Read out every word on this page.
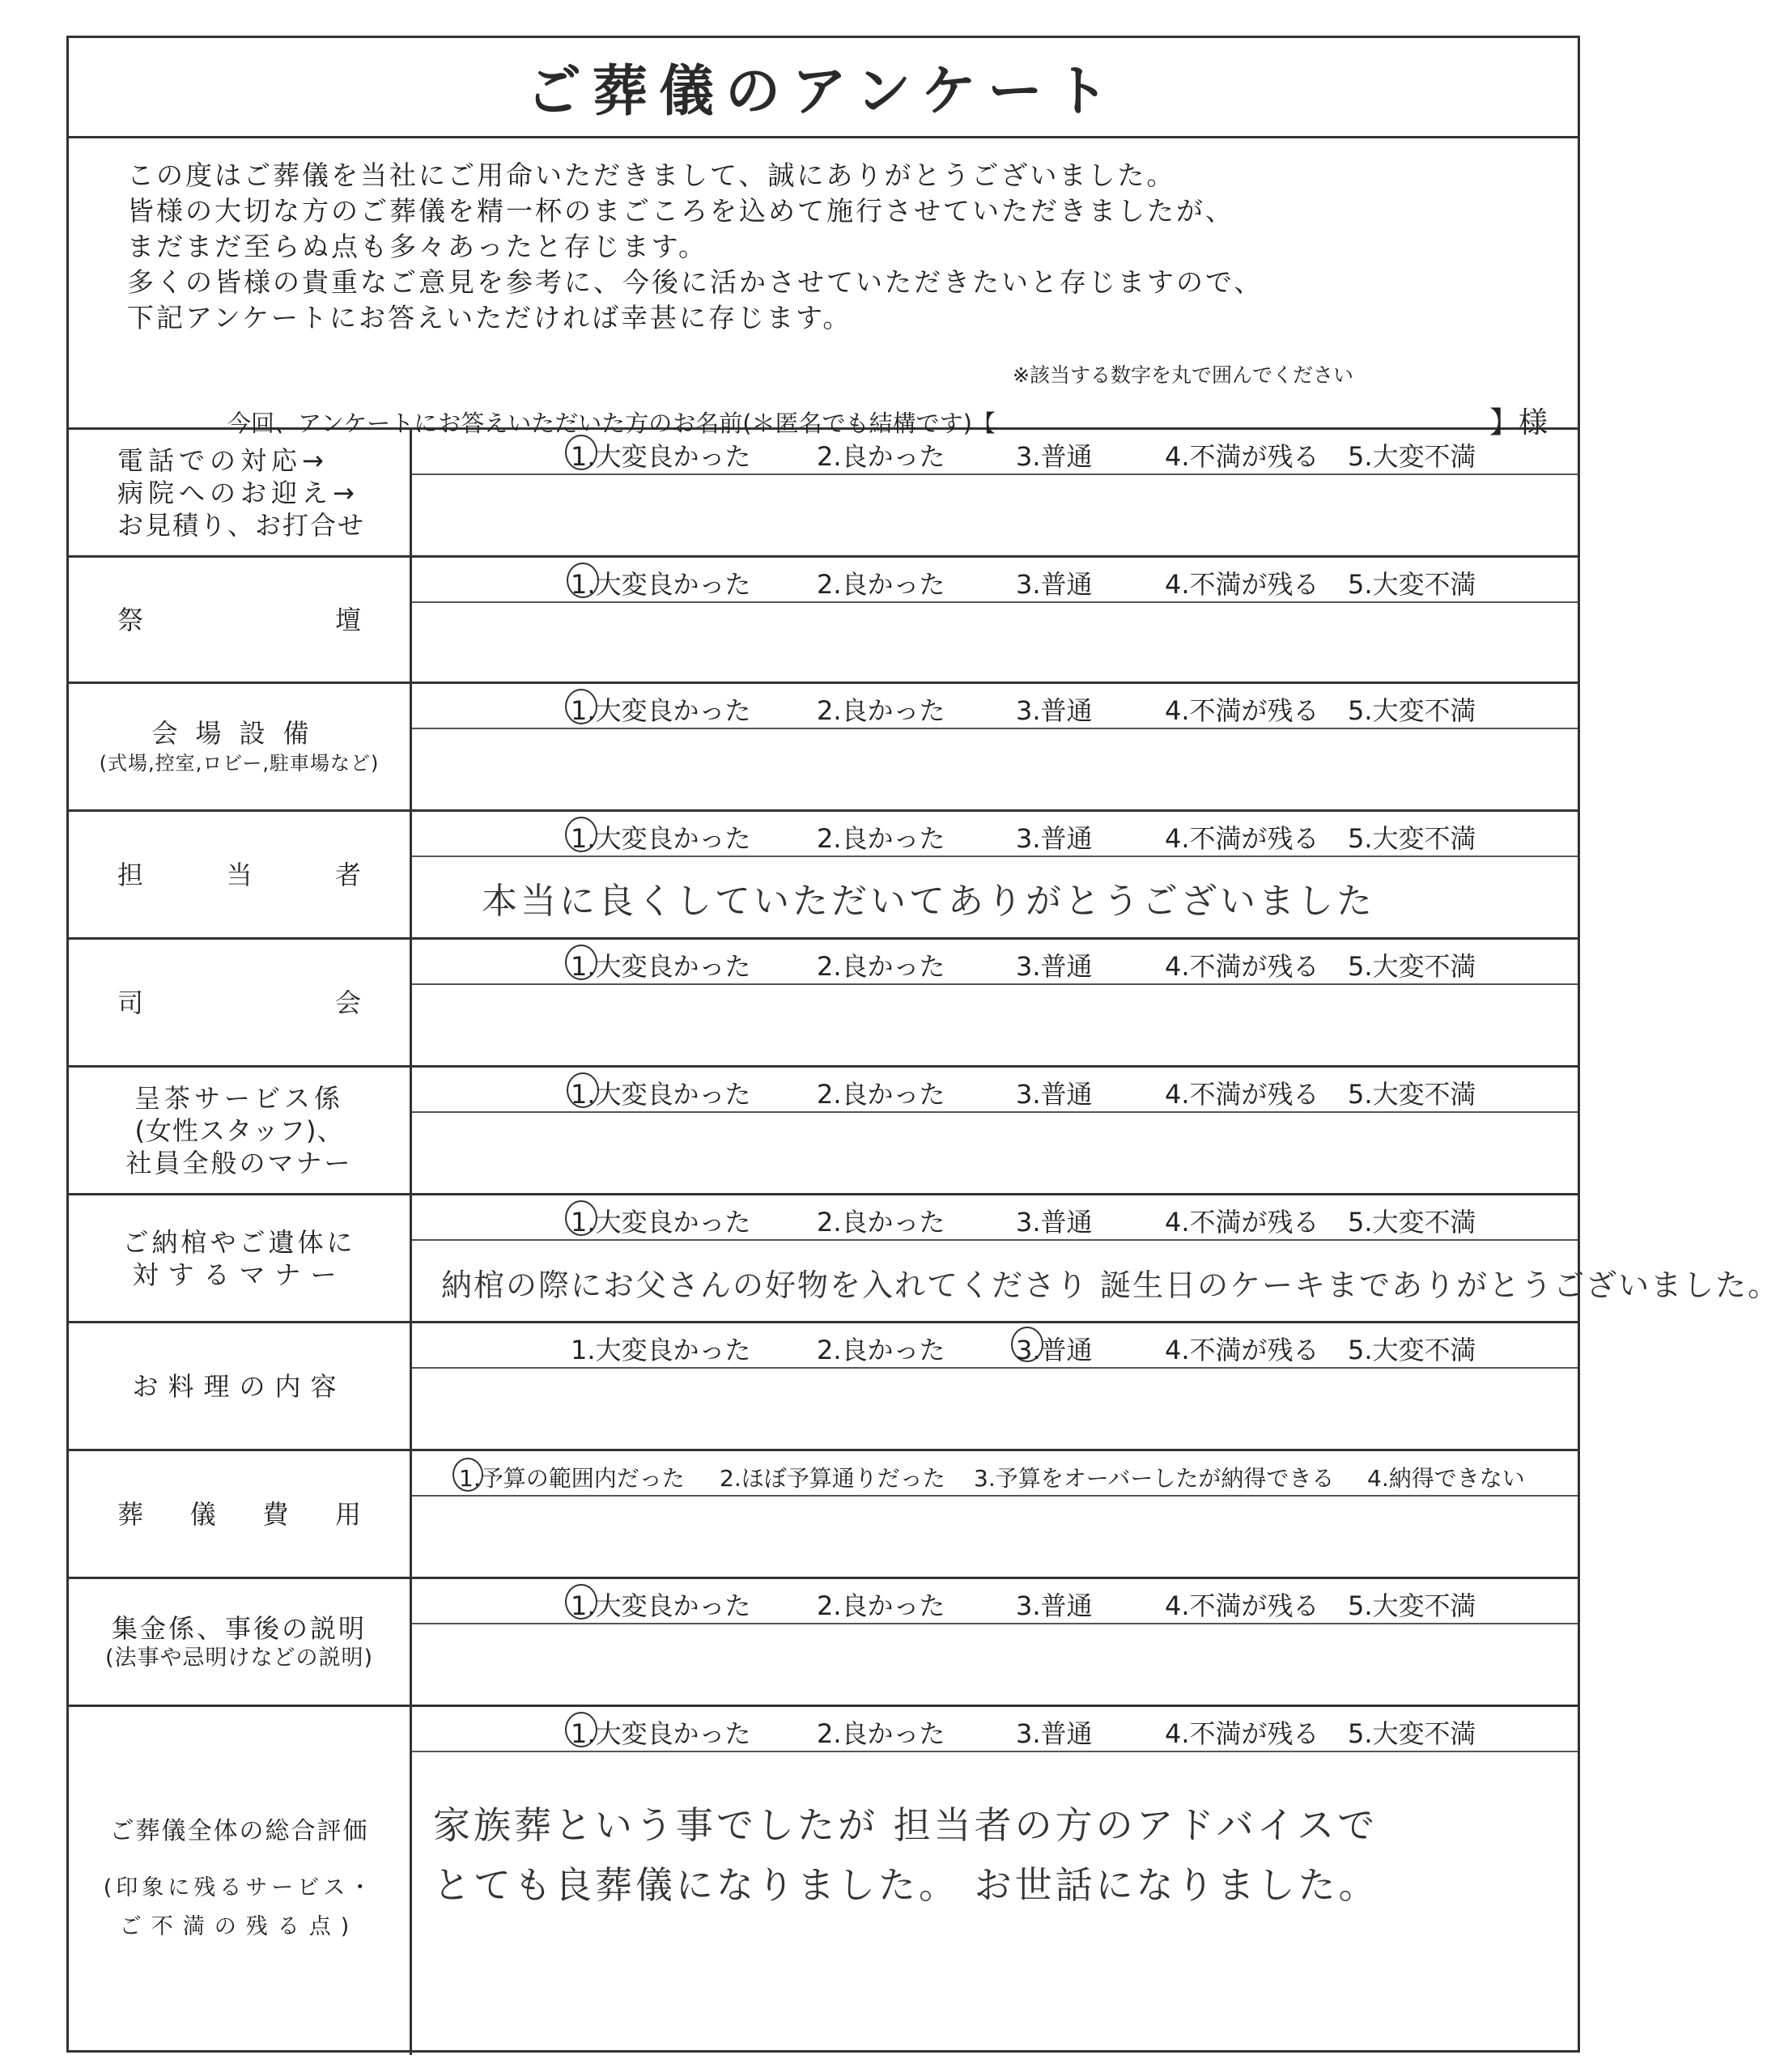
ご葬儀のアンケート
この度はご葬儀を当社にご用命いただきまして、誠にありがとうございました。
皆様の大切な方のご葬儀を精一杯のまごころを込めて施行させていただきましたが、
まだまだ至らぬ点も多々あったと存じます。
多くの皆様の貴重なご意見を参考に、今後に活かさせていただきたいと存じますので、
下記アンケートにお答えいただければ幸甚に存じます。
※該当する数字を丸で囲んでください
今回、アンケートにお答えいただいた方のお名前(＊匿名でも結構です)【	】様
電話での対応→
病院へのお迎え→
お見積り、お打合せ
1.大変良かった	2.良かった	3.普通	4.不満が残る 5.大変不満
祭	壇
1.大変良かった	2.良かった	3.普通	4.不満が残る 5.大変不満
会場設備
(式場,控室,ロビー,駐車場など)
1.大変良かった	2.良かった	3.普通	4.不満が残る 5.大変不満
担	当	者
1.大変良かった	2.良かった	3.普通	4.不満が残る 5.大変不満
本当に良くしていただいてありがとうございました
司	会
1.大変良かった	2.良かった	3.普通	4.不満が残る 5.大変不満
呈茶サービス係
(女性スタッフ)、
社員全般のマナー
1.大変良かった	2.良かった	3.普通	4.不満が残る 5.大変不満
ご納棺やご遺体に
対するマナー
1.大変良かった	2.良かった	3.普通	4.不満が残る 5.大変不満
納棺の際にお父さんの好物を入れてくださり 誕生日のケーキまでありがとうございました。
お料理の内容
1.大変良かった	2.良かった	3.普通	4.不満が残る 5.大変不満
葬 儀 費 用
1.予算の範囲内だった 2.ほぼ予算通りだった 3.予算をオーバーしたが納得できる 4.納得できない
集金係、事後の説明
(法事や忌明けなどの説明)
1.大変良かった	2.良かった	3.普通	4.不満が残る 5.大変不満
ご葬儀全体の総合評価
(印象に残るサービス・
ご不満の残る点)
1.大変良かった	2.良かった	3.普通	4.不満が残る 5.大変不満
家族葬という事でしたが 担当者の方のアドバイスで
とても良葬儀になりました。 お世話になりました。
